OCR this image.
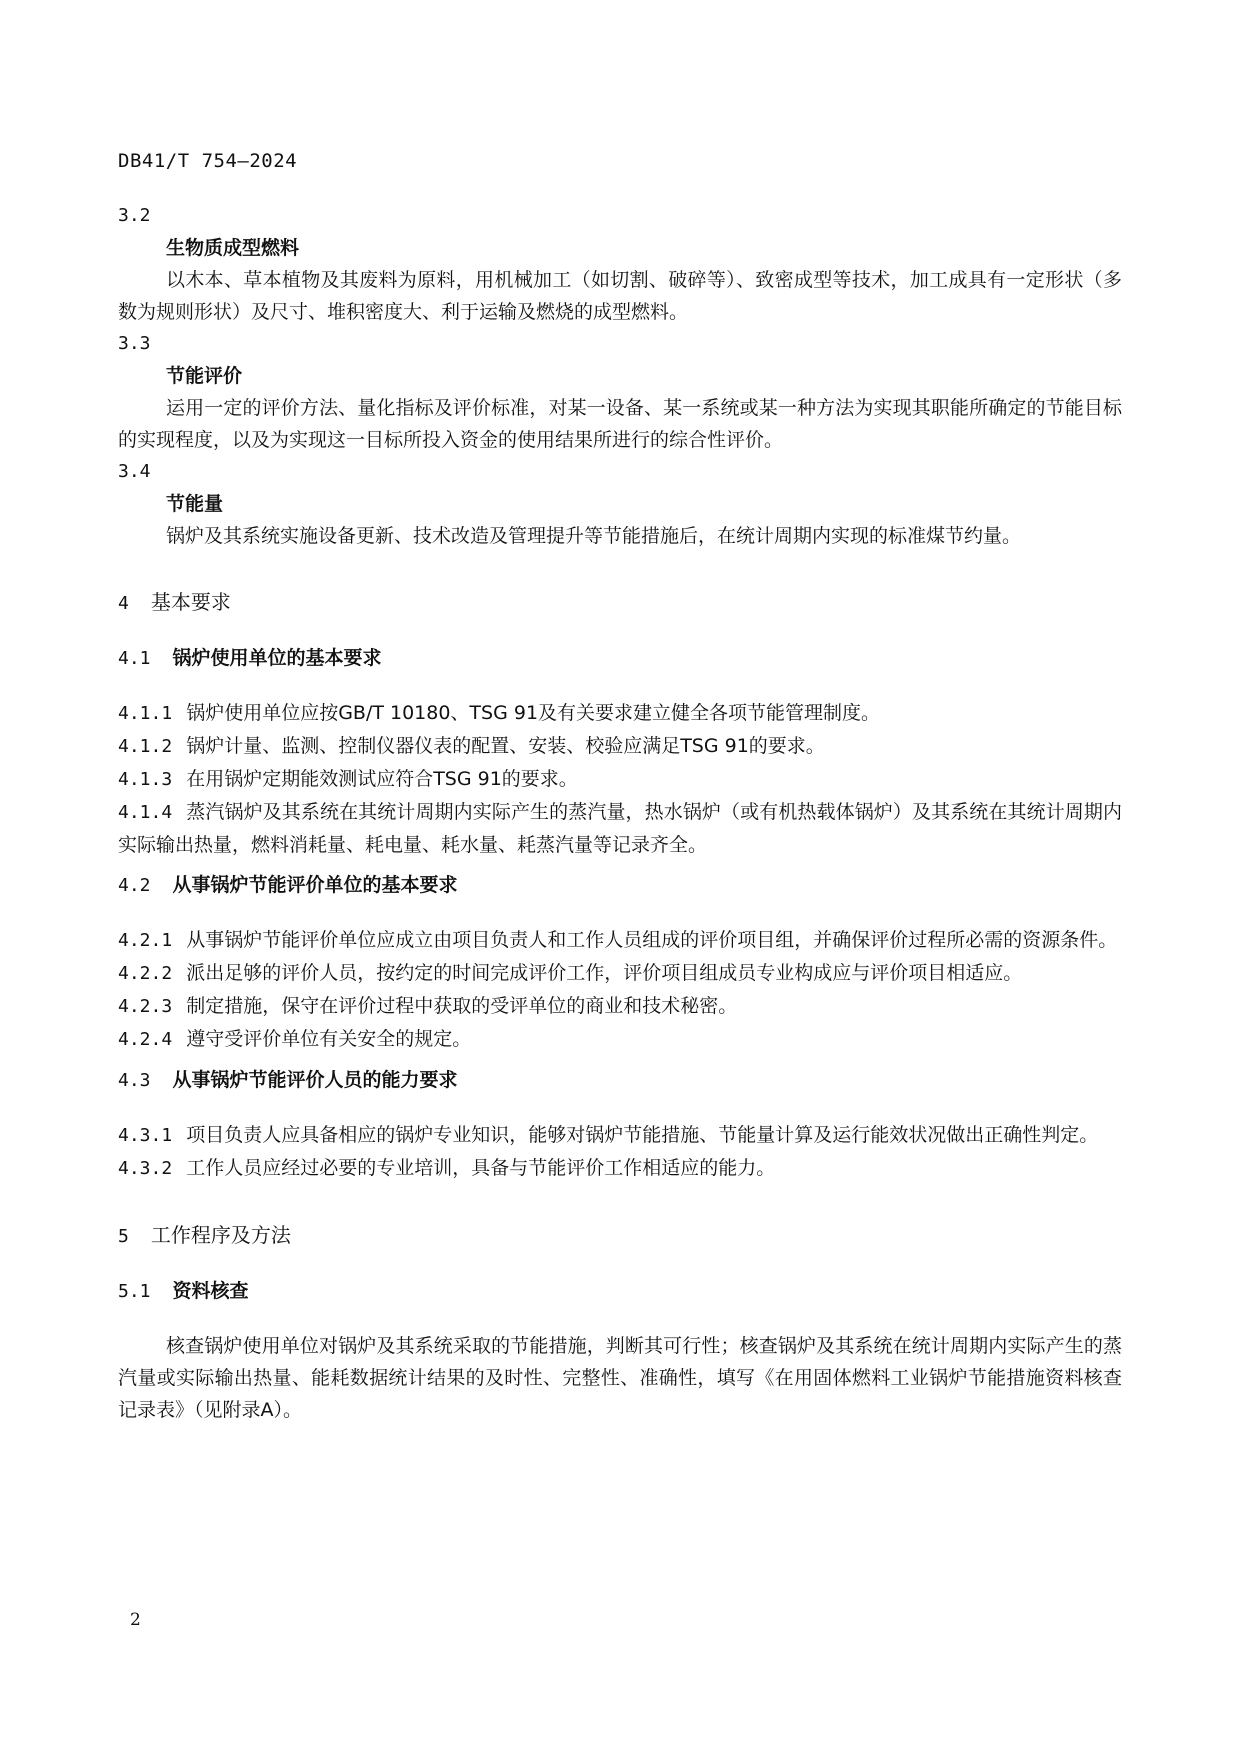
DB41/T 754—2024

3.2

生物质成型燃料

以木本、草本植物及其废料为原料，用机械加工（如切割、破碎等）、致密成型等技术，加工成具有一定形状（多数为规则形状）及尺寸、堆积密度大、利于运输及燃烧的成型燃料。

3.3

节能评价

运用一定的评价方法、量化指标及评价标准，对某一设备、某一系统或某一种方法为实现其职能所确定的节能目标的实现程度，以及为实现这一目标所投入资金的使用结果所进行的综合性评价。

3.4

节能量

锅炉及其系统实施设备更新、技术改造及管理提升等节能措施后，在统计周期内实现的标准煤节约量。

4 基本要求

4.1 锅炉使用单位的基本要求

4.1.1 锅炉使用单位应按GB/T 10180、TSG 91及有关要求建立健全各项节能管理制度。

4.1.2 锅炉计量、监测、控制仪器仪表的配置、安装、校验应满足TSG 91的要求。

4.1.3 在用锅炉定期能效测试应符合TSG 91的要求。

4.1.4 蒸汽锅炉及其系统在其统计周期内实际产生的蒸汽量，热水锅炉（或有机热载体锅炉）及其系统在其统计周期内实际输出热量，燃料消耗量、耗电量、耗水量、耗蒸汽量等记录齐全。

4.2 从事锅炉节能评价单位的基本要求

4.2.1 从事锅炉节能评价单位应成立由项目负责人和工作人员组成的评价项目组，并确保评价过程所必需的资源条件。

4.2.2 派出足够的评价人员，按约定的时间完成评价工作，评价项目组成员专业构成应与评价项目相适应。

4.2.3 制定措施，保守在评价过程中获取的受评单位的商业和技术秘密。

4.2.4 遵守受评价单位有关安全的规定。

4.3 从事锅炉节能评价人员的能力要求

4.3.1 项目负责人应具备相应的锅炉专业知识，能够对锅炉节能措施、节能量计算及运行能效状况做出正确性判定。

4.3.2 工作人员应经过必要的专业培训，具备与节能评价工作相适应的能力。

5 工作程序及方法

5.1 资料核查

核查锅炉使用单位对锅炉及其系统采取的节能措施，判断其可行性；核查锅炉及其系统在统计周期内实际产生的蒸汽量或实际输出热量、能耗数据统计结果的及时性、完整性、准确性，填写《在用固体燃料工业锅炉节能措施资料核查记录表》（见附录A）。

2
